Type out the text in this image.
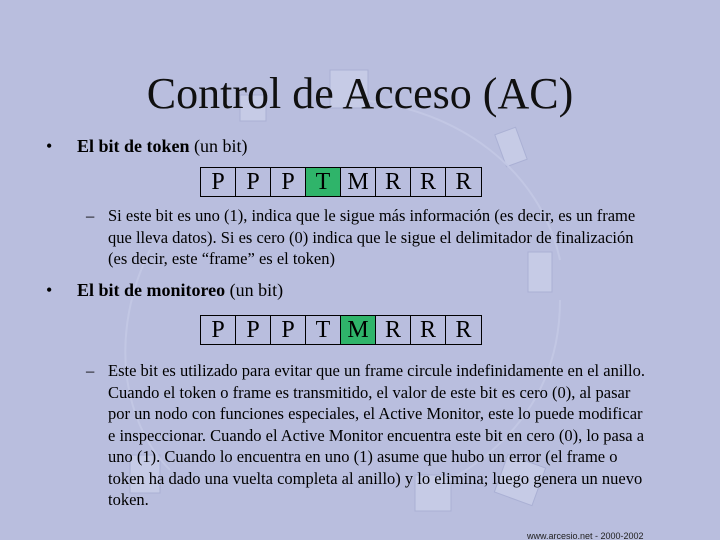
Control de Acceso (AC)
• El bit de token (un bit)
P P P T M R R R
– Si este bit es uno (1), indica que le sigue más información (es decir, es un frame que lleva datos). Si es cero (0) indica que le sigue el delimitador de finalización (es decir, este “frame” es el token)
• El bit de monitoreo (un bit)
P P P T M R R R
– Este bit es utilizado para evitar que un frame circule indefinidamente en el anillo. Cuando el token o frame es transmitido, el valor de este bit es cero (0), al pasar por un nodo con funciones especiales, el Active Monitor, este lo puede modificar e inspeccionar. Cuando el Active Monitor encuentra este bit en cero (0), lo pasa a uno (1). Cuando lo encuentra en uno (1) asume que hubo un error (el frame o token ha dado una vuelta completa al anillo) y lo elimina; luego genera un nuevo token.
www.arcesio.net - 2000-2002
